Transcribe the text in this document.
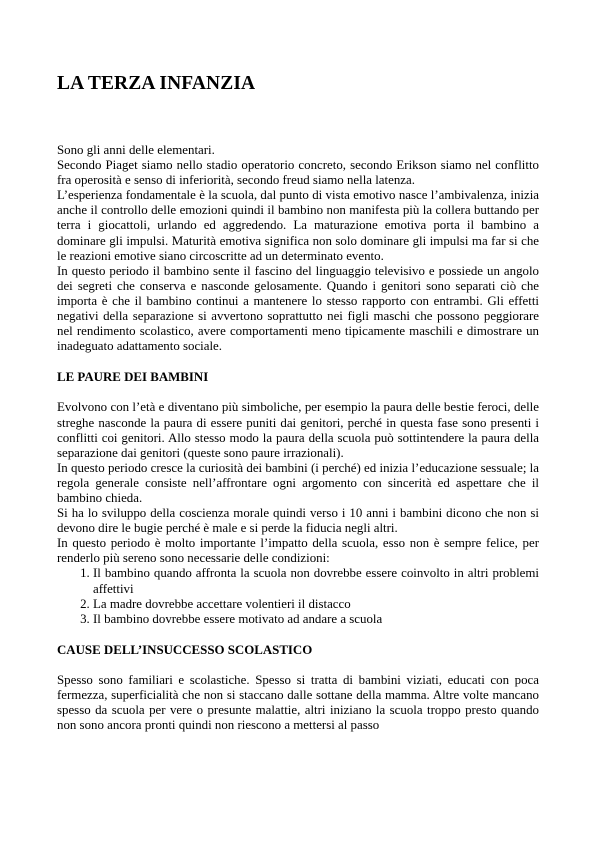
LA TERZA INFANZIA

Sono gli anni delle elementari.

Secondo Piaget siamo nello stadio operatorio concreto, secondo Erikson siamo nel conflitto fra operosità e senso di inferiorità, secondo freud siamo nella latenza.

L’esperienza fondamentale è la scuola, dal punto di vista emotivo nasce l’ambivalenza, inizia anche il controllo delle emozioni quindi il bambino non manifesta più la collera buttando per terra i giocattoli, urlando ed aggredendo. La maturazione emotiva porta il bambino a dominare gli impulsi. Maturità emotiva significa non solo dominare gli impulsi ma far si che le reazioni emotive siano circoscritte ad un determinato evento.

In questo periodo il bambino sente il fascino del linguaggio televisivo e possiede un angolo dei segreti che conserva e nasconde gelosamente. Quando i genitori sono separati ciò che importa è che il bambino continui a mantenere lo stesso rapporto con entrambi. Gli effetti negativi della separazione si avvertono soprattutto nei figli maschi che possono peggiorare nel rendimento scolastico, avere comportamenti meno tipicamente maschili e dimostrare un inadeguato adattamento sociale.

LE PAURE DEI BAMBINI

Evolvono con l’età e diventano più simboliche, per esempio la paura delle bestie feroci, delle streghe nasconde la paura di essere puniti dai genitori, perché in questa fase sono presenti i conflitti coi genitori. Allo stesso modo la paura della scuola può sottintendere la paura della separazione dai genitori (queste sono paure irrazionali).

In questo periodo cresce la curiosità dei bambini (i perché) ed inizia l’educazione sessuale; la regola generale consiste nell’affrontare ogni argomento con sincerità ed aspettare che il bambino chieda.

Si ha lo sviluppo della coscienza morale quindi verso i 10 anni i bambini dicono che non si devono dire le bugie perché è male e si perde la fiducia negli altri.

In questo periodo è molto importante l’impatto della scuola, esso non è sempre felice, per renderlo più sereno sono necessarie delle condizioni:

1. Il bambino quando affronta la scuola non dovrebbe essere coinvolto in altri problemi affettivi
2. La madre dovrebbe accettare volentieri il distacco
3. Il bambino dovrebbe essere motivato ad andare a scuola
CAUSE DELL’INSUCCESSO SCOLASTICO

Spesso sono familiari e scolastiche. Spesso si tratta di bambini viziati, educati con poca fermezza, superficialità che non si staccano dalle sottane della mamma. Altre volte mancano spesso da scuola per vere o presunte malattie, altri iniziano la scuola troppo presto quando non sono ancora pronti quindi non riescono a mettersi al passo
